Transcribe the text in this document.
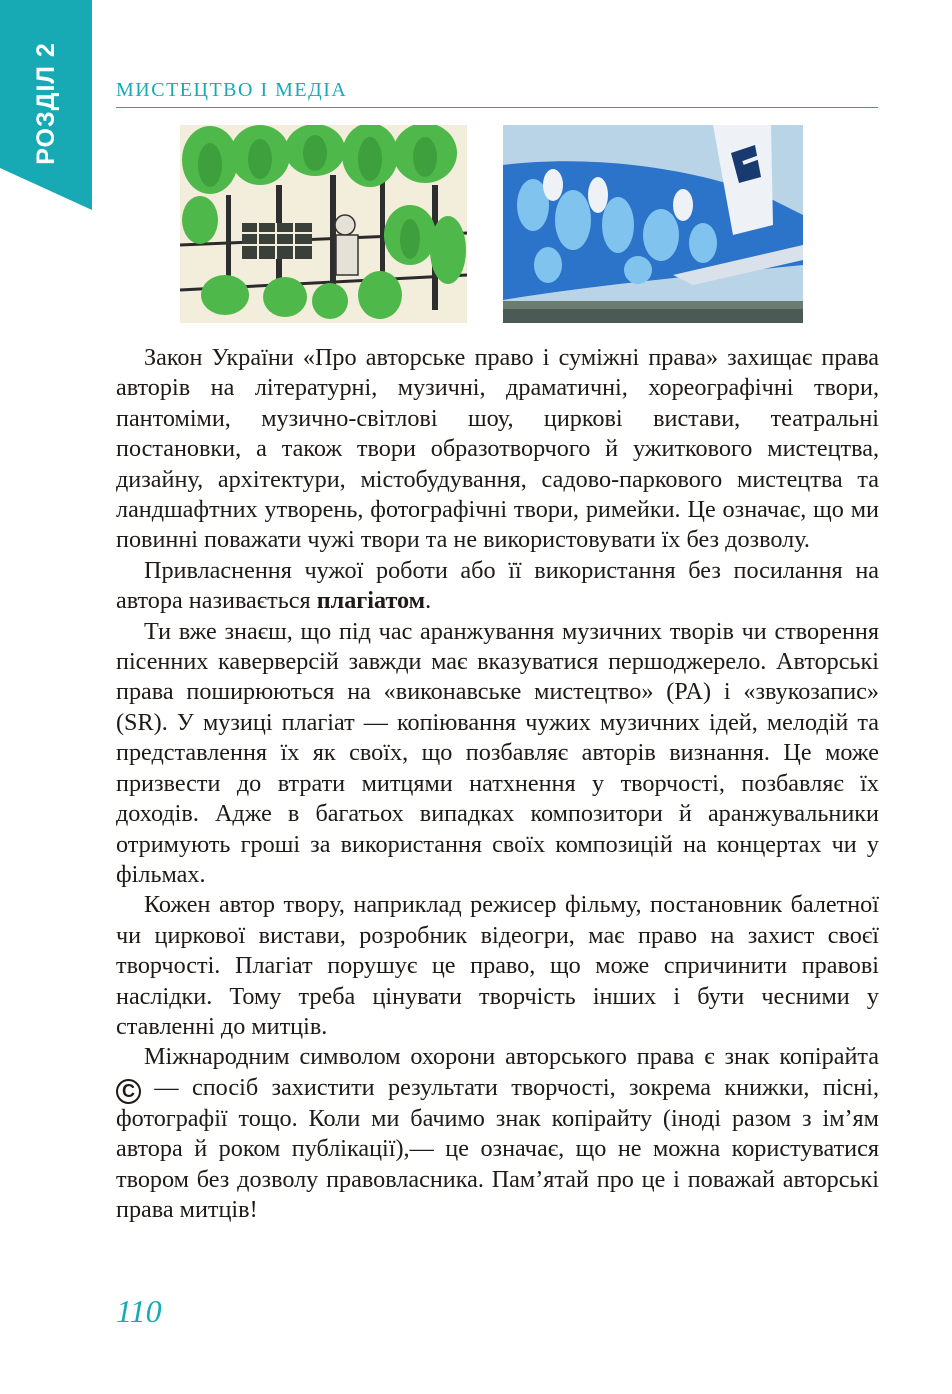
РОЗДІЛ 2	МИСТЕЦТВО І МЕДІА

Закон України «Про авторське право і суміжні права» захищає права авторів на літературні, музичні, драматичні, хореографічні твори, пантоміми, музично-світлові шоу, циркові вистави, театральні постановки, а також твори образотворчого й ужиткового мистецтва, дизайну, архітектури, містобудування, садово-паркового мистецтва та ландшафтних утворень, фотографічні твори, римейки. Це означає, що ми повинні поважати чужі твори та не використовувати їх без дозволу.

Привласнення чужої роботи або її використання без посилання на автора називається плагіатом.

Ти вже знаєш, що під час аранжування музичних творів чи створення пісенних каверверсій завжди має вказуватися першоджерело. Авторські права поширюються на «виконавське мистецтво» (PA) і «звукозапис» (SR). У музиці плагіат — копіювання чужих музичних ідей, мелодій та представлення їх як своїх, що позбавляє авторів визнання. Це може призвести до втрати митцями натхнення у творчості, позбавляє їх доходів. Адже в багатьох випадках композитори й аранжувальники отримують гроші за використання своїх композицій на концертах чи у фільмах.

Кожен автор твору, наприклад режисер фільму, постановник балетної чи циркової вистави, розробник відеогри, має право на захист своєї творчості. Плагіат порушує це право, що може спричинити правові наслідки. Тому треба цінувати творчість інших і бути чесними у ставленні до митців.

Міжнародним символом охорони авторського права є знак копірайта C — спосіб захистити результати творчості, зокрема книжки, пісні, фотографії тощо. Коли ми бачимо знак копірайту (іноді разом з ім’ям автора й роком публікації),— це означає, що не можна користуватися твором без дозволу правовласника. Пам’ятай про це і поважай авторські права митців!

110
